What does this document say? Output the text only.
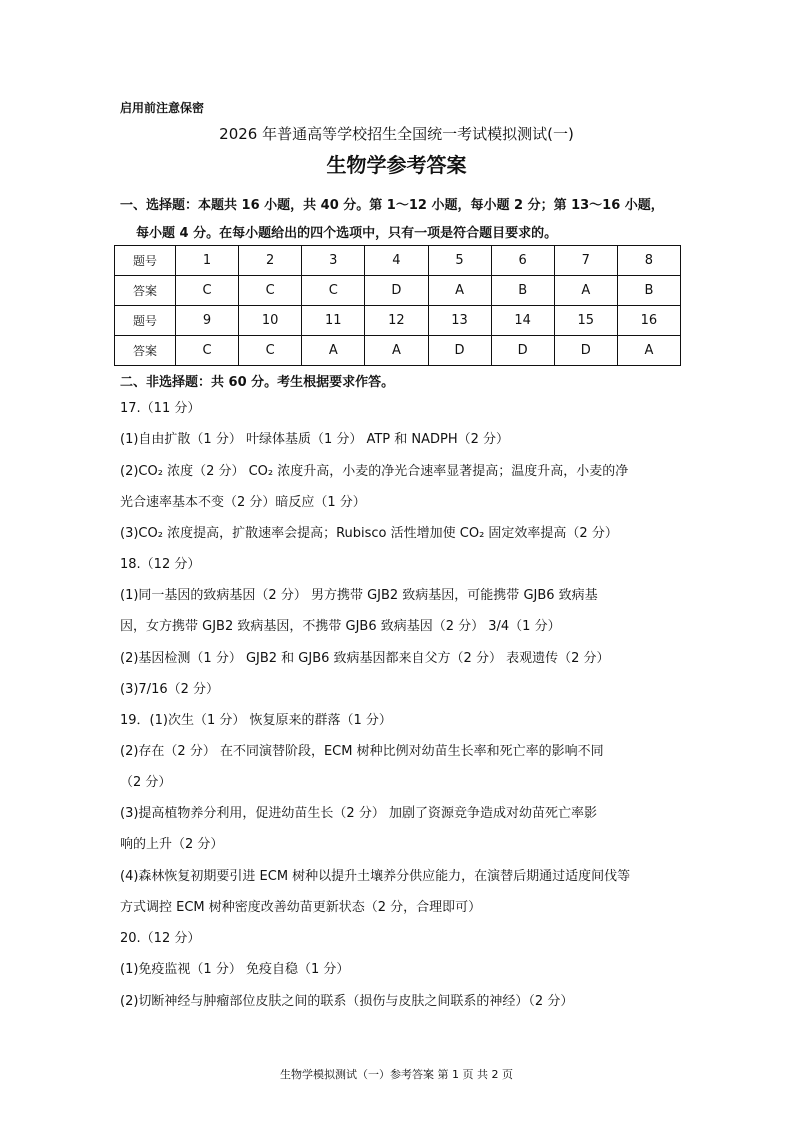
启用前注意保密
2026 年普通高等学校招生全国统一考试模拟测试(一)
生物学参考答案
一、选择题：本题共 16 小题，共 40 分。第 1～12 小题，每小题 2 分；第 13～16 小题，
每小题 4 分。在每小题给出的四个选项中，只有一项是符合题目要求的。
题号	1	2	3	4	5	6	7	8
答案	C	C	C	D	A	B	A	B
题号	9	10	11	12	13	14	15	16
答案	C	C	A	A	D	D	D	A
二、非选择题：共 60 分。考生根据要求作答。
17.（11 分）
(1)自由扩散（1 分） 叶绿体基质（1 分） ATP 和 NADPH（2 分）
(2)CO₂ 浓度（2 分） CO₂ 浓度升高，小麦的净光合速率显著提高；温度升高，小麦的净
光合速率基本不变（2 分）暗反应（1 分）
(3)CO₂ 浓度提高，扩散速率会提高；Rubisco 活性增加使 CO₂ 固定效率提高（2 分）
18.（12 分）
(1)同一基因的致病基因（2 分） 男方携带 GJB2 致病基因，可能携带 GJB6 致病基
因，女方携带 GJB2 致病基因，不携带 GJB6 致病基因（2 分） 3/4（1 分）
(2)基因检测（1 分） GJB2 和 GJB6 致病基因都来自父方（2 分） 表观遗传（2 分）
(3)7/16（2 分）
19．(1)次生（1 分） 恢复原来的群落（1 分）
(2)存在（2 分） 在不同演替阶段，ECM 树种比例对幼苗生长率和死亡率的影响不同
（2 分）
(3)提高植物养分利用，促进幼苗生长（2 分） 加剧了资源竞争造成对幼苗死亡率影
响的上升（2 分）
(4)森林恢复初期要引进 ECM 树种以提升土壤养分供应能力，在演替后期通过适度间伐等
方式调控 ECM 树种密度改善幼苗更新状态（2 分，合理即可）
20.（12 分）
(1)免疫监视（1 分） 免疫自稳（1 分）
(2)切断神经与肿瘤部位皮肤之间的联系（损伤与皮肤之间联系的神经）（2 分）
生物学模拟测试（一）参考答案 第 1 页 共 2 页
